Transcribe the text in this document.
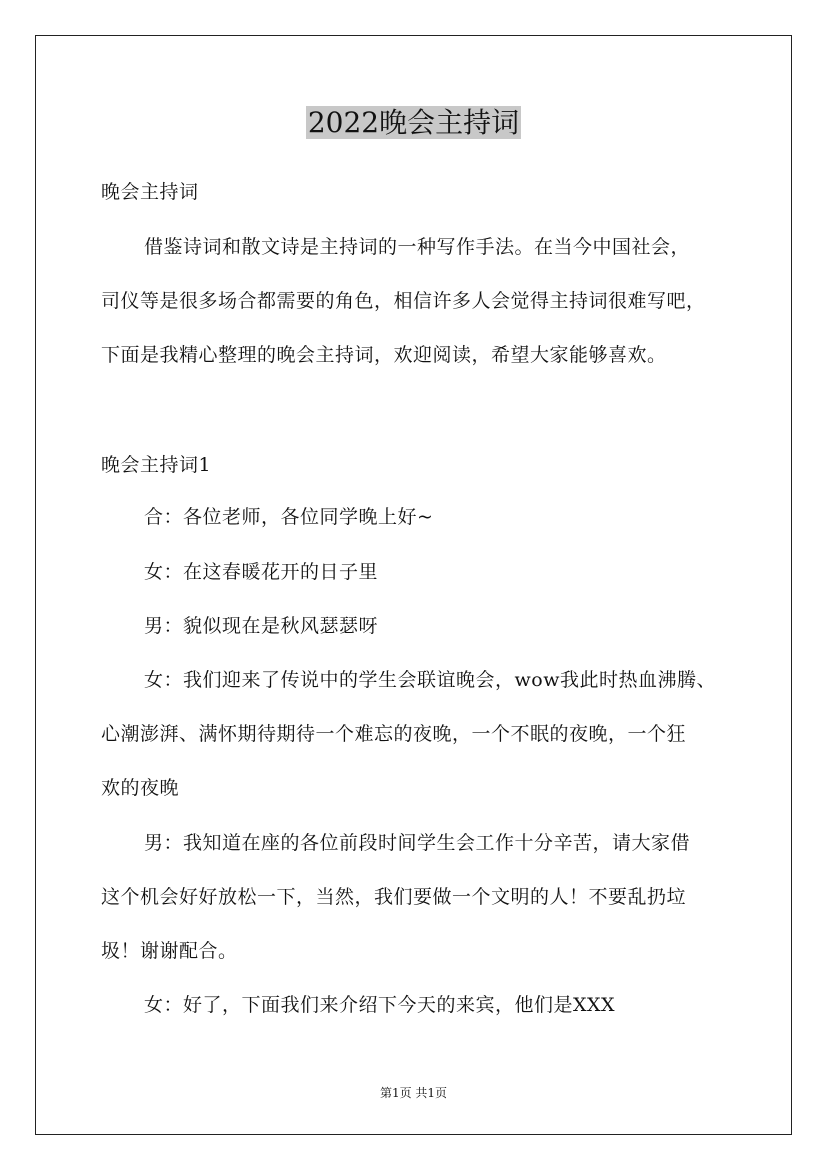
2022晚会主持词
晚会主持词
借鉴诗词和散文诗是主持词的一种写作手法。在当今中国社会，
司仪等是很多场合都需要的角色，相信许多人会觉得主持词很难写吧，
下面是我精心整理的晚会主持词，欢迎阅读，希望大家能够喜欢。
晚会主持词1
合：各位老师，各位同学晚上好~
女：在这春暖花开的日子里
男：貌似现在是秋风瑟瑟呀
女：我们迎来了传说中的学生会联谊晚会，wow我此时热血沸腾、
心潮澎湃、满怀期待期待一个难忘的夜晚，一个不眠的夜晚，一个狂
欢的夜晚
男：我知道在座的各位前段时间学生会工作十分辛苦，请大家借
这个机会好好放松一下，当然，我们要做一个文明的人！不要乱扔垃
圾！谢谢配合。
女：好了，下面我们来介绍下今天的来宾，他们是XXX
第1页 共1页
